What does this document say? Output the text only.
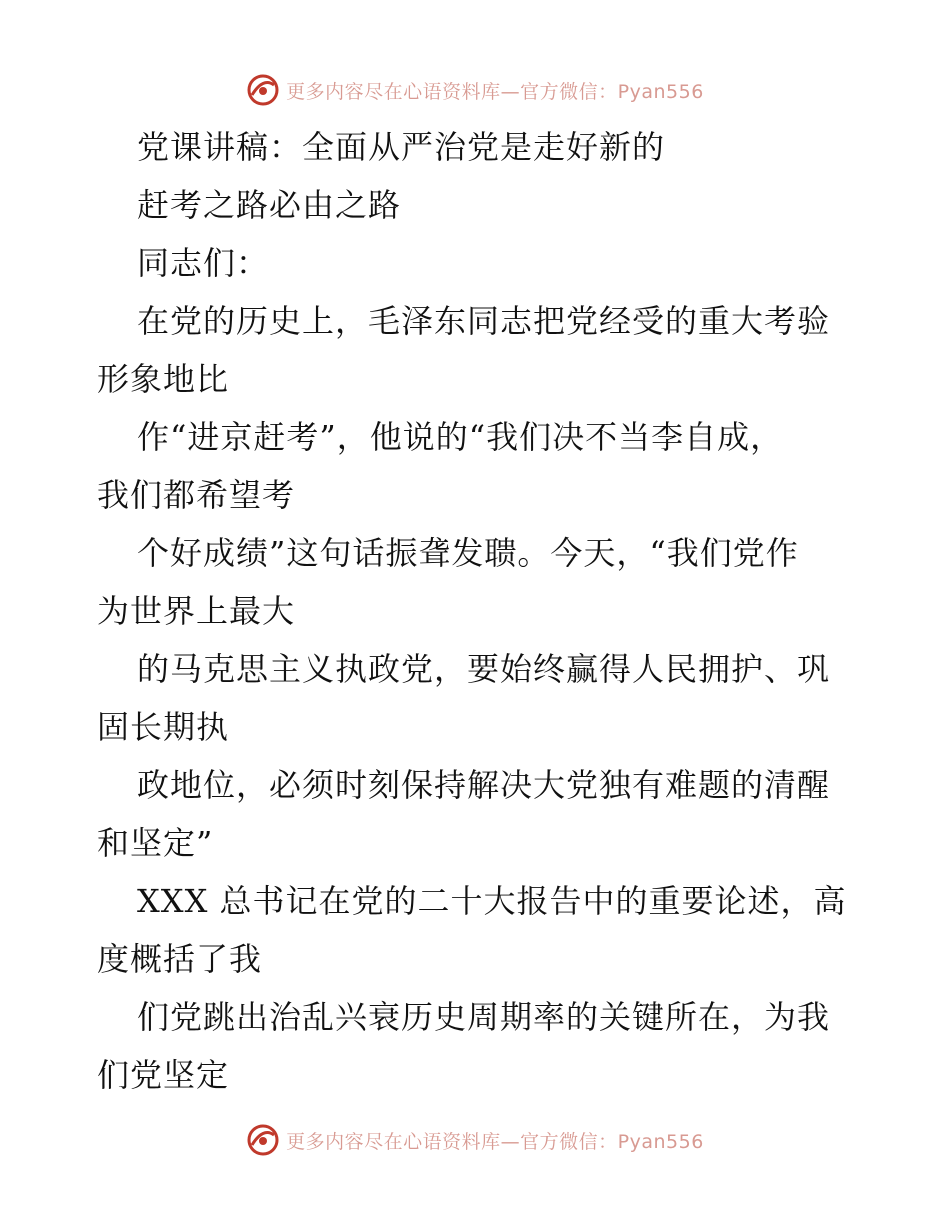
更多内容尽在心语资料库—官方微信：Pyan556
党课讲稿：全面从严治党是走好新的
赶考之路必由之路
同志们：
在党的历史上，毛泽东同志把党经受的重大考验
形象地比
作“进京赶考”，他说的“我们决不当李自成，
我们都希望考
个好成绩”这句话振聋发聩。今天，“我们党作
为世界上最大
的马克思主义执政党，要始终赢得人民拥护、巩
固长期执
政地位，必须时刻保持解决大党独有难题的清醒
和坚定”
XXX 总书记在党的二十大报告中的重要论述，高
度概括了我
们党跳出治乱兴衰历史周期率的关键所在，为我
们党坚定
更多内容尽在心语资料库—官方微信：Pyan556
